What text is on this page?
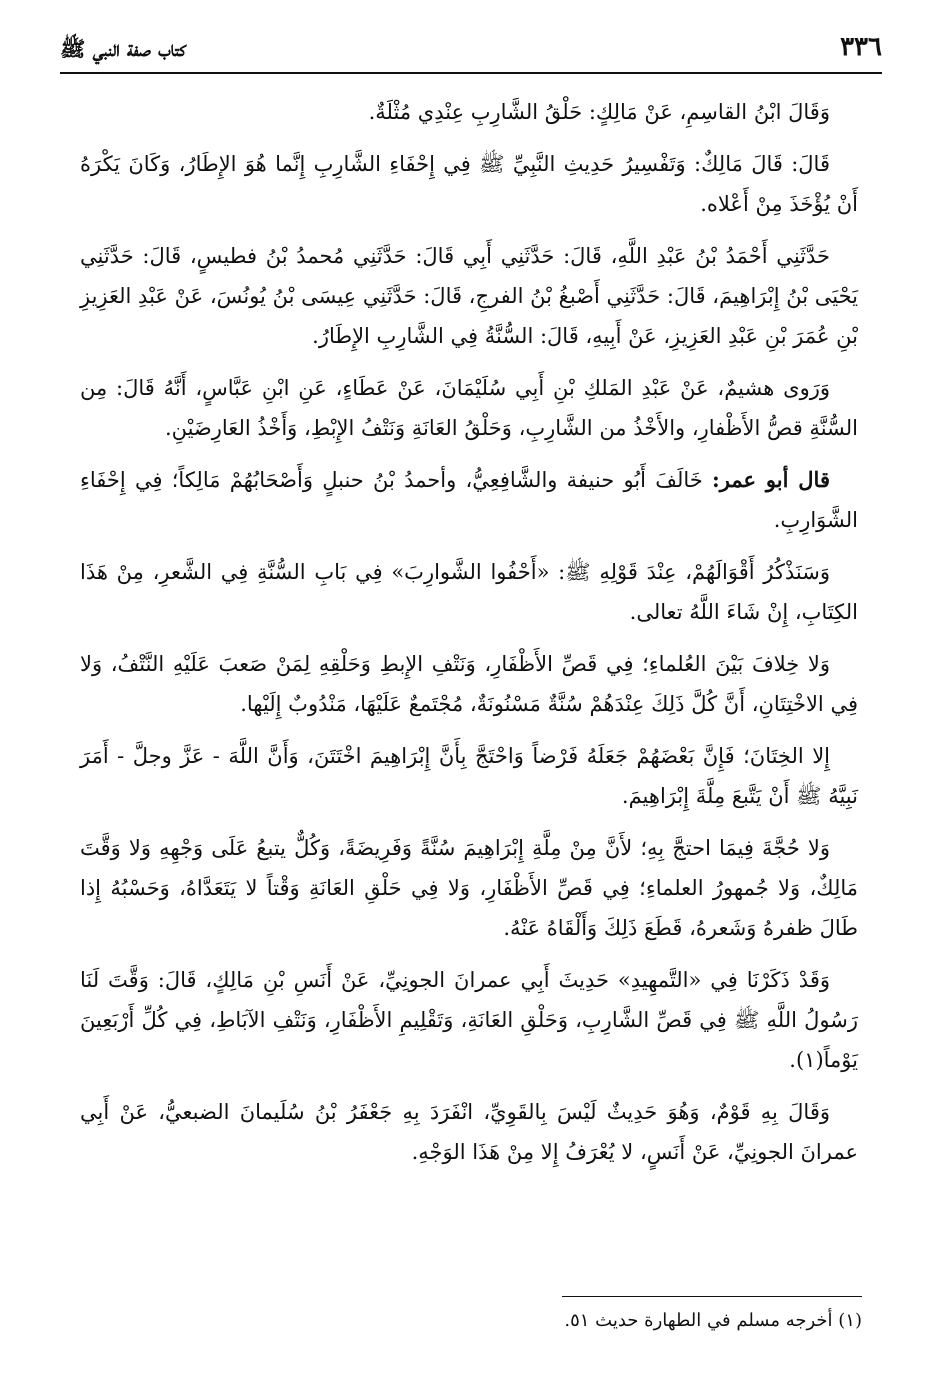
٣٣٦
كتاب صفة النبي ﷺ

وَقَالَ ابْنُ القاسِمِ، عَنْ مَالِكٍ: حَلْقُ الشَّارِبِ عِنْدِي مُثْلَةٌ.

قَالَ: قَالَ مَالِكٌ: وَتَفْسِيرُ حَدِيثِ النَّبِيِّ ﷺ فِي إِحْفَاءِ الشَّارِبِ إِنَّما هُوَ الإِطَارُ، وَكَانَ يَكْرَهُ أَنْ يُؤْخَذَ مِنْ أَعْلاه.

حَدَّثَنِي أَحْمَدُ بْنُ عَبْدِ اللَّهِ، قَالَ: حَدَّثَنِي أَبِي قَالَ: حَدَّثَنِي مُحمدُ بْنُ فطيسٍ، قَالَ: حَدَّثَنِي يَحْيَى بْنُ إِبْرَاهِيمَ، قَالَ: حَدَّثَنِي أَصْبغُ بْنُ الفرجِ، قَالَ: حَدَّثَنِي عِيسَى بْنُ يُونُسَ، عَنْ عَبْدِ العَزِيزِ بْنِ عُمَرَ بْنِ عَبْدِ العَزِيزِ، عَنْ أَبِيهِ، قَالَ: السُّنَّةُ فِي الشَّارِبِ الإِطَارُ.

وَرَوى هشيمٌ، عَنْ عَبْدِ المَلكِ بْنِ أَبِي سُلَيْمَانَ، عَنْ عَطَاءٍ، عَنِ ابْنِ عَبَّاسٍ، أَنَّهُ قَالَ: مِن السُّنَّةِ قصُّ الأَظْفارِ، والأَخْذُ من الشَّارِبِ، وَحَلْقُ العَانَةِ وَنَتْفُ الإِبْطِ، وَأَخْذُ العَارِضَيْنِ.

قال أبو عمر: خَالَفَ أَبُو حنيفة والشَّافِعِيُّ، وأحمدُ بْنُ حنبلٍ وَأَصْحَابُهُمْ مَالِكاً؛ فِي إِحْفَاءِ الشَّوَارِبِ.

وَسَنَذْكُرُ أَقْوَالَهُمْ، عِنْدَ قَوْلِهِ ﷺ: «أَحْفُوا الشَّوارِبَ» فِي بَابِ السُّنَّةِ فِي الشَّعرِ، مِنْ هَذَا الكِتَابِ، إِنْ شَاءَ اللَّهُ تعالى.

وَلا خِلافَ بَيْنَ العُلماءِ؛ فِي قَصِّ الأَظْفَارِ، وَنَتْفِ الإِبطِ وَحَلْقِهِ لِمَنْ صَعبَ عَلَيْهِ النَّتْفُ، وَلا فِي الاخْتِتَانِ، أَنَّ كُلَّ ذَلِكَ عِنْدَهُمْ سُنَّةٌ مَسْنُونَةٌ، مُجْتَمعٌ عَلَيْهَا، مَنْدُوبٌ إِلَيْها.

إِلا الخِتَانَ؛ فَإِنَّ بَعْضَهُمْ جَعَلَهُ فَرْضاً وَاحْتَجَّ بِأَنَّ إِبْرَاهِيمَ اخْتَتَنَ، وَأَنَّ اللَّهَ - عَزَّ وجلَّ - أَمَرَ نَبِيَّهُ ﷺ أَنْ يَتَّبعَ مِلَّةَ إِبْرَاهِيمَ.

وَلا حُجَّةَ فِيمَا احتجَّ بِهِ؛ لأَنَّ مِنْ مِلَّةِ إِبْرَاهِيمَ سُنَّةً وَفَرِيضَةً، وَكُلٌّ يتبعُ عَلَى وَجْهِهِ وَلا وَقَّتَ مَالِكٌ، وَلا جُمهورُ العلماءِ؛ فِي قَصِّ الأَظْفَارِ، وَلا فِي حَلْقِ العَانَةِ وَقْتاً لا يَتَعَدَّاهُ، وَحَسْبُهُ إِذا طَالَ ظفرهُ وَشَعرهُ، قَطَعَ ذَلِكَ وَأَلْقَاهُ عَنْهُ.

وَقَدْ ذَكَرْنَا فِي «التَّمهِيدِ» حَدِيثَ أَبِي عمرانَ الجونِيِّ، عَنْ أَنَسِ بْنِ مَالِكٍ، قَالَ: وَقَّتَ لَنَا رَسُولُ اللَّهِ ﷺ فِي قَصِّ الشَّارِبِ، وَحَلْقِ العَانَةِ، وَتَقْلِيمِ الأَظْفَارِ، وَنَتْفِ الآبَاطِ، فِي كُلِّ أَرْبَعِينَ يَوْماً(١).

وَقَالَ بِهِ قَوْمٌ، وَهُوَ حَدِيثٌ لَيْسَ بِالقَوِيِّ، انْفَرَدَ بِهِ جَعْفَرُ بْنُ سُلَيمانَ الضبعيُّ، عَنْ أَبِي عمرانَ الجونِيِّ، عَنْ أَنَسٍ، لا يُعْرَفُ إِلا مِنْ هَذَا الوَجْهِ.

(١) أخرجه مسلم في الطهارة حديث ٥١.
